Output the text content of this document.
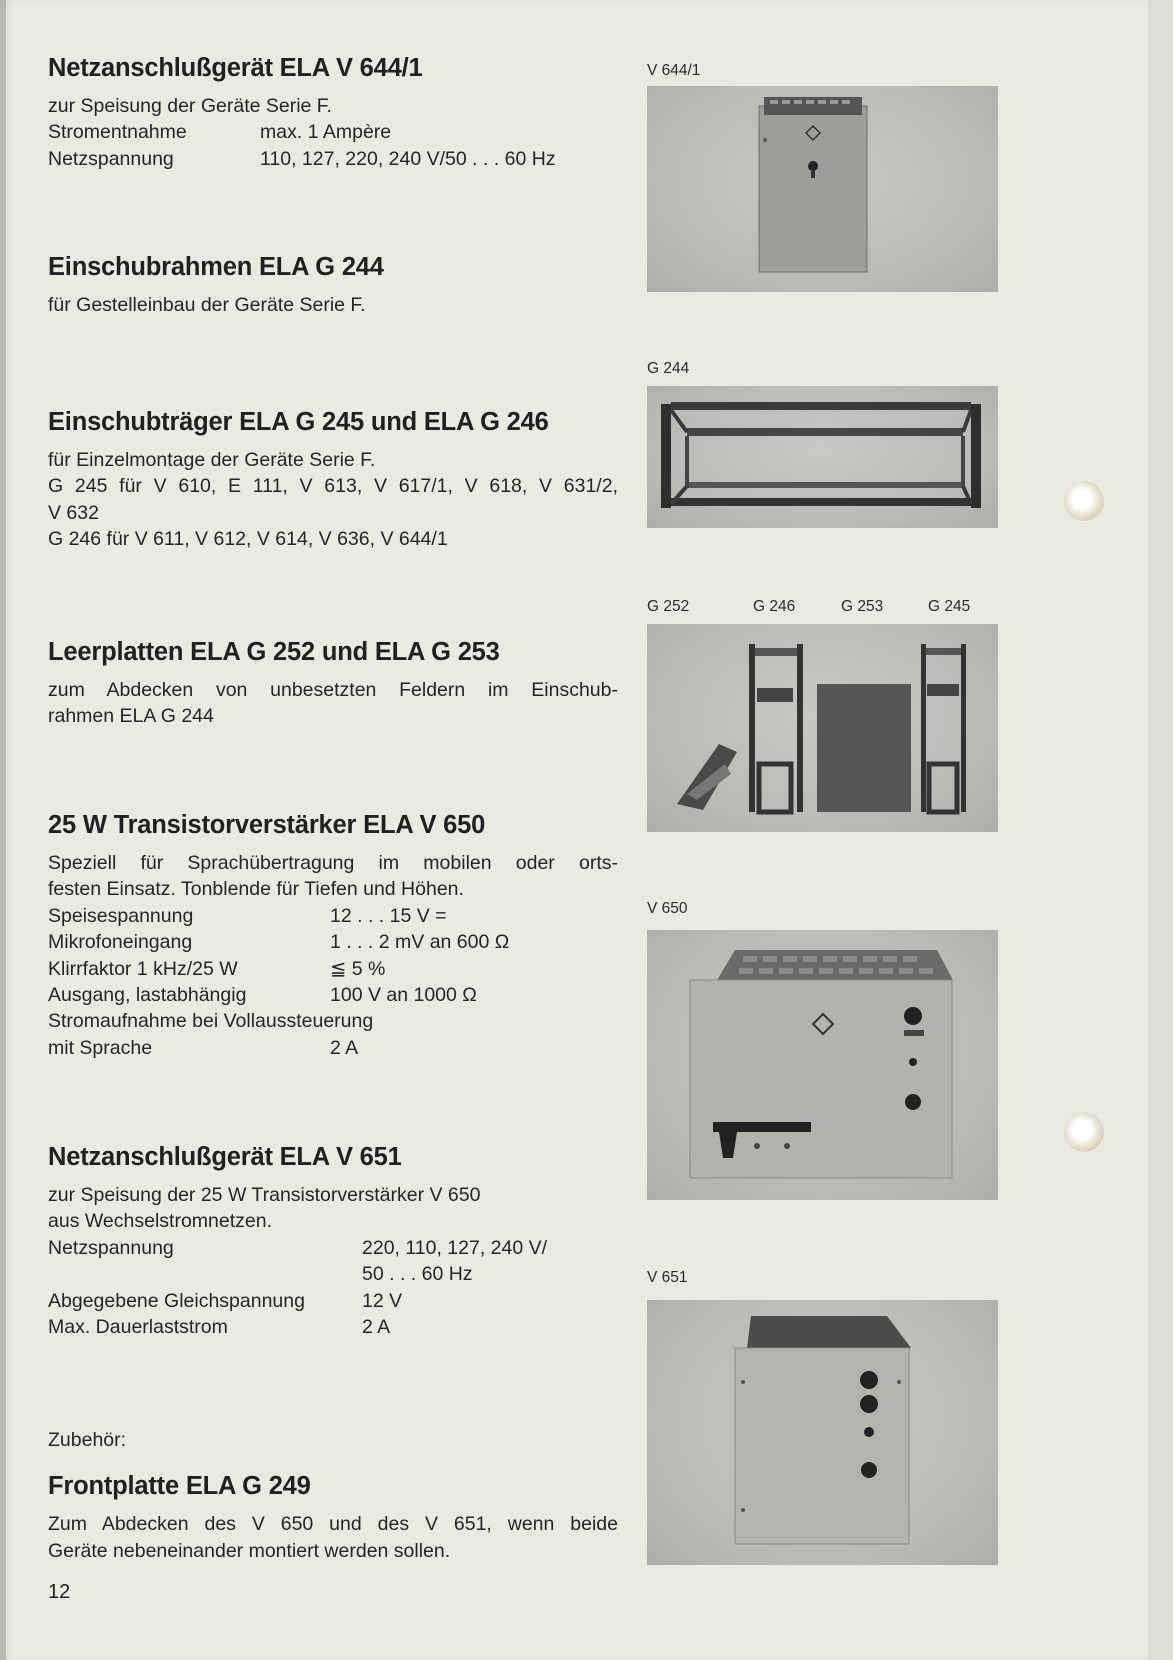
Netzanschlußgerät ELA V 644/1

zur Speisung der Geräte Serie F.

Stromentnahme	max. 1 Ampère
Netzspannung	110, 127, 220, 240 V/50 . . . 60 Hz
Einschubrahmen ELA G 244

für Gestelleinbau der Geräte Serie F.

Einschubträger ELA G 245 und ELA G 246

für Einzelmontage der Geräte Serie F.

G 245 für V 610, E 111, V 613, V 617/1, V 618, V 631/2,

V 632

G 246 für V 611, V 612, V 614, V 636, V 644/1

Leerplatten ELA G 252 und ELA G 253

zum Abdecken von unbesetzten Feldern im Einschub-

rahmen ELA G 244

25 W Transistorverstärker ELA V 650

Speziell für Sprachübertragung im mobilen oder orts-

festen Einsatz. Tonblende für Tiefen und Höhen.

Speisespannung	12 . . . 15 V =
Mikrofoneingang	1 . . . 2 mV an 600 Ω
Klirrfaktor 1 kHz/25 W	≦ 5 %
Ausgang, lastabhängig	100 V an 1000 Ω

Stromaufnahme bei Vollaussteuerung

mit Sprache	2 A
Netzanschlußgerät ELA V 651

zur Speisung der 25 W Transistorverstärker V 650

aus Wechselstromnetzen.

Netzspannung	220, 110, 127, 240 V/
50 . . . 60 Hz
Abgegebene Gleichspannung	12 V
Max. Dauerlaststrom	2 A

Zubehör:

Frontplatte ELA G 249

Zum Abdecken des V 650 und des V 651, wenn beide

Geräte nebeneinander montiert werden sollen.

12
V 644/1
G 244
G 252	G 246	G 253	G 245
V 650
V 651
